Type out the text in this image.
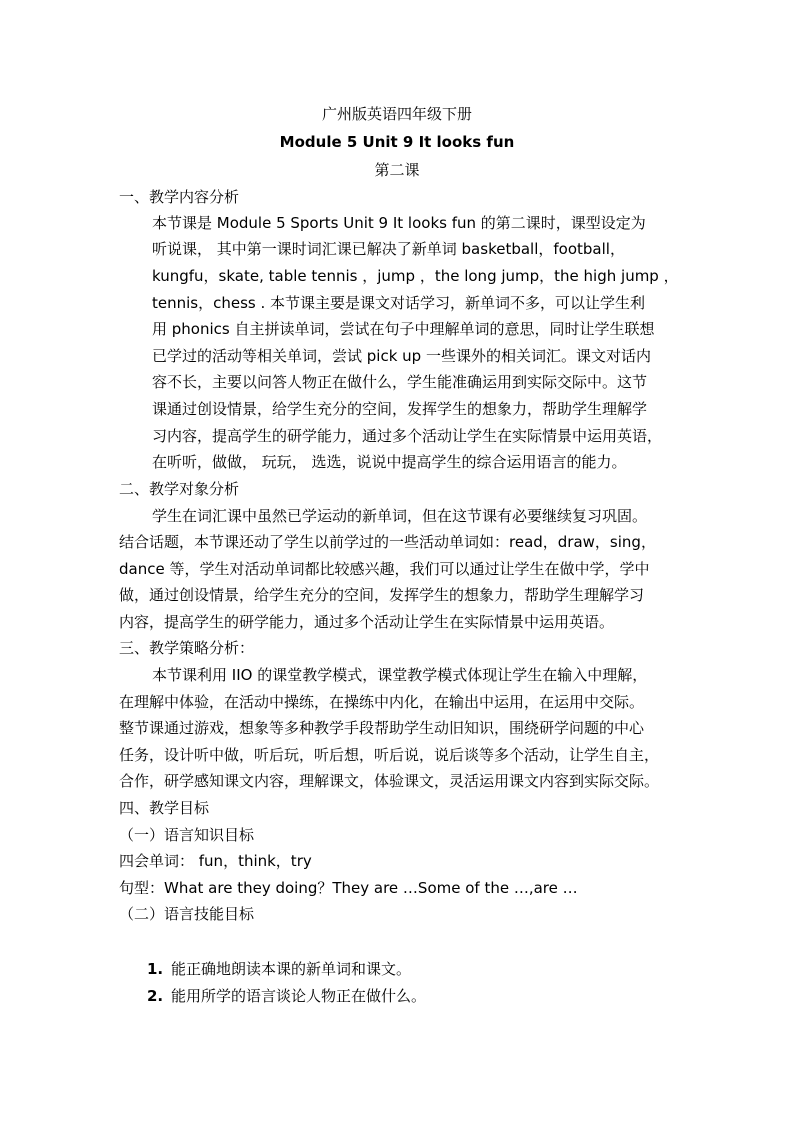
广州版英语四年级下册
Module 5 Unit 9 It looks fun
第二课
一、教学内容分析
本节课是 Module 5 Sports Unit 9 It looks fun 的第二课时，课型设定为
听说课， 其中第一课时词汇课已解决了新单词 basketball，football，
kungfu，skate, table tennis ，jump ，the long jump，the high jump ，
tennis，chess . 本节课主要是课文对话学习，新单词不多，可以让学生利
用 phonics 自主拼读单词，尝试在句子中理解单词的意思，同时让学生联想
已学过的活动等相关单词，尝试 pick up 一些课外的相关词汇。课文对话内
容不长，主要以问答人物正在做什么，学生能准确运用到实际交际中。这节
课通过创设情景，给学生充分的空间，发挥学生的想象力，帮助学生理解学
习内容，提高学生的研学能力，通过多个活动让学生在实际情景中运用英语，
在听听，做做， 玩玩， 选选，说说中提高学生的综合运用语言的能力。
二、教学对象分析
学生在词汇课中虽然已学运动的新单词，但在这节课有必要继续复习巩固。
结合话题，本节课还动了学生以前学过的一些活动单词如：read，draw，sing，
dance 等，学生对活动单词都比较感兴趣，我们可以通过让学生在做中学，学中
做，通过创设情景，给学生充分的空间，发挥学生的想象力，帮助学生理解学习
内容，提高学生的研学能力，通过多个活动让学生在实际情景中运用英语。
三、教学策略分析：
本节课利用 IIO 的课堂教学模式，课堂教学模式体现让学生在输入中理解，
在理解中体验，在活动中操练，在操练中内化，在输出中运用，在运用中交际。
整节课通过游戏，想象等多种教学手段帮助学生动旧知识，围绕研学问题的中心
任务，设计听中做，听后玩，听后想，听后说，说后谈等多个活动，让学生自主，
合作，研学感知课文内容，理解课文，体验课文，灵活运用课文内容到实际交际。
四、教学目标
（一）语言知识目标
四会单词： fun，think，try
句型：What are they doing？They are …Some of the …,are …
（二）语言技能目标
1. 能正确地朗读本课的新单词和课文。
2. 能用所学的语言谈论人物正在做什么。
